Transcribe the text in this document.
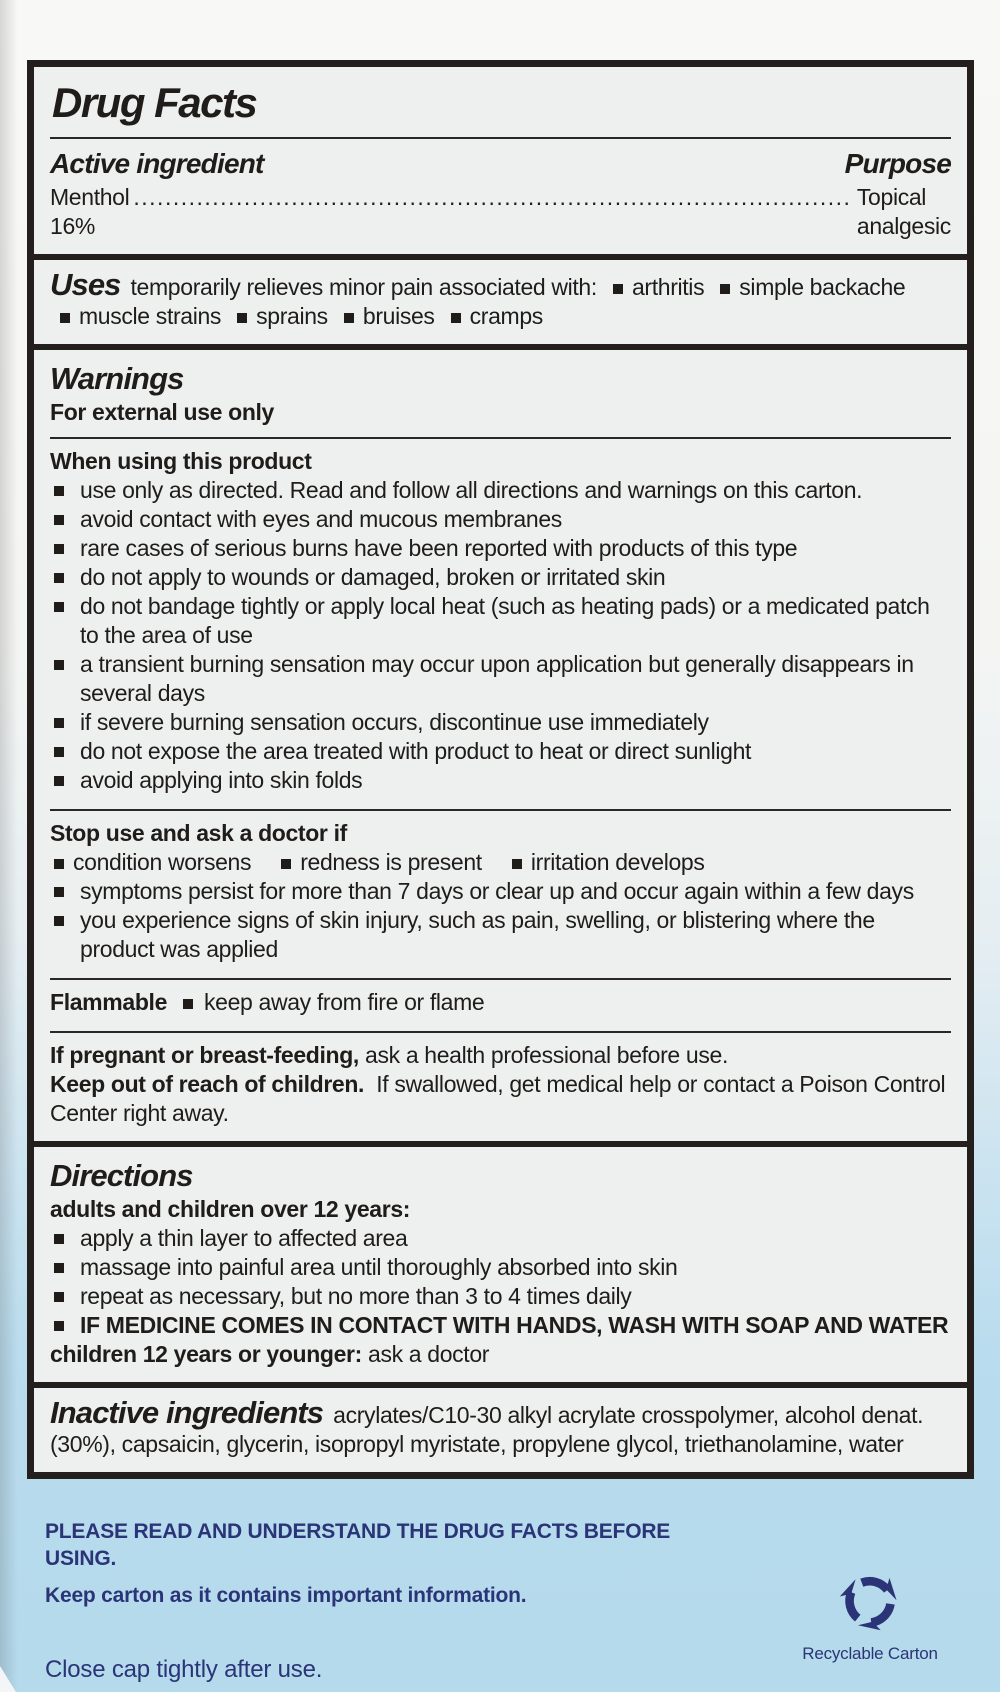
Drug Facts
Active ingredient	Purpose
Menthol 16%
.....
Topical analgesic

Uses temporarily relieves minor pain associated with: arthritis simple backache muscle strains sprains bruises cramps

Warnings
For external use only
When using this product
use only as directed. Read and follow all directions and warnings on this carton.
avoid contact with eyes and mucous membranes
rare cases of serious burns have been reported with products of this type
do not apply to wounds or damaged, broken or irritated skin
do not bandage tightly or apply local heat (such as heating pads) or a medicated patch to the area of use
a transient burning sensation may occur upon application but generally disappears in several days
if severe burning sensation occurs, discontinue use immediately
do not expose the area treated with product to heat or direct sunlight
avoid applying into skin folds
Stop use and ask a doctor if
condition worsens redness is present irritation develops
symptoms persist for more than 7 days or clear up and occur again within a few days
you experience signs of skin injury, such as pain, swelling, or blistering where the product was applied

Flammable keep away from fire or flame

If pregnant or breast-feeding, ask a health professional before use.

Keep out of reach of children. If swallowed, get medical help or contact a Poison Control Center right away.

Directions
adults and children over 12 years:
apply a thin layer to affected area
massage into painful area until thoroughly absorbed into skin
repeat as necessary, but no more than 3 to 4 times daily
IF MEDICINE COMES IN CONTACT WITH HANDS, WASH WITH SOAP AND WATER

children 12 years or younger: ask a doctor

Inactive ingredients acrylates/C10-30 alkyl acrylate crosspolymer, alcohol denat. (30%), capsaicin, glycerin, isopropyl myristate, propylene glycol, triethanolamine, water

PLEASE READ AND UNDERSTAND THE DRUG FACTS BEFORE USING.
Keep carton as it contains important information.
Close cap tightly after use.
Recyclable Carton
